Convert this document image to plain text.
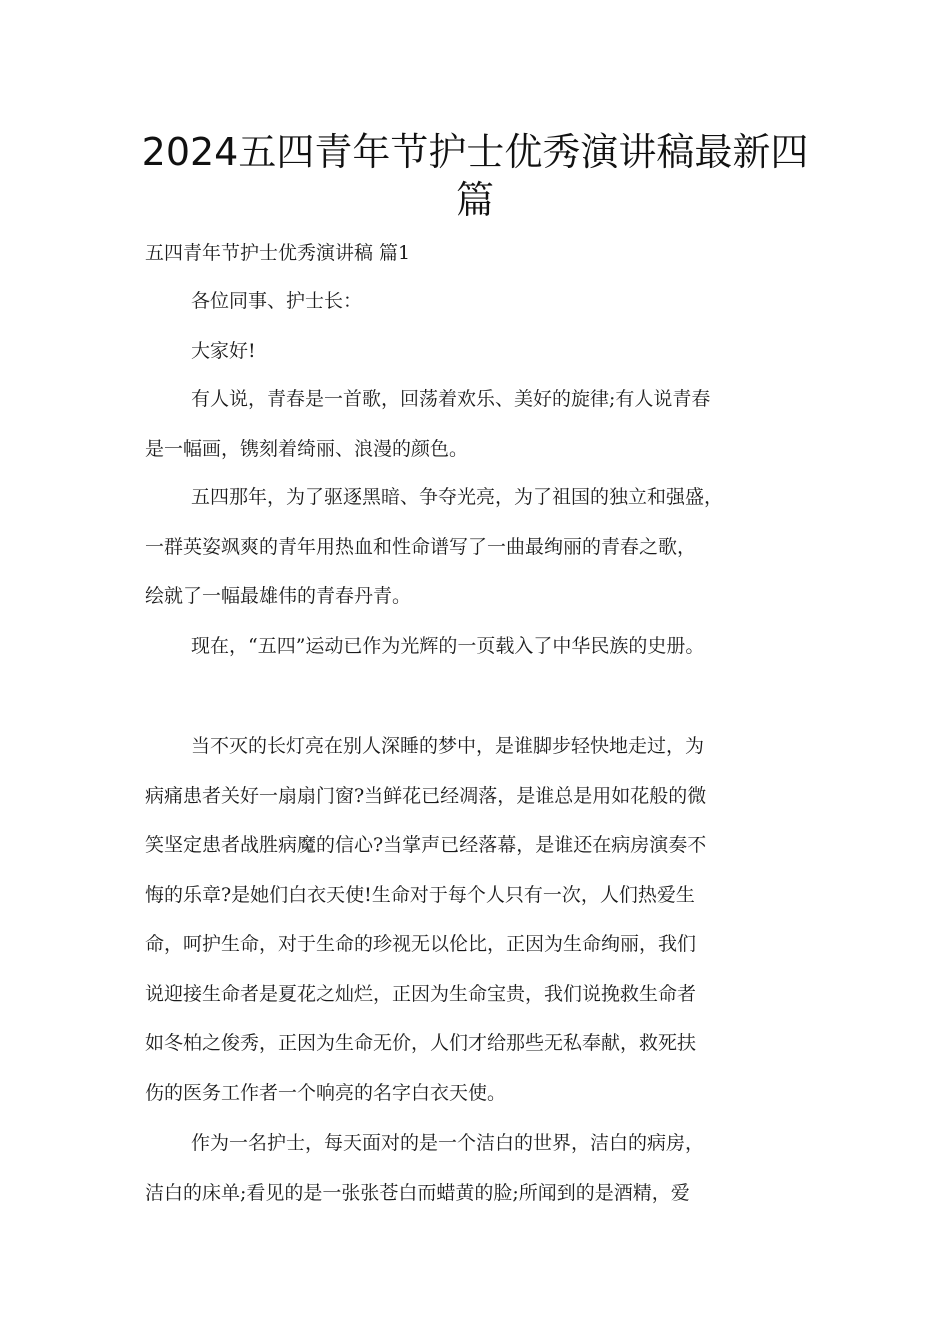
2024五四青年节护士优秀演讲稿最新四
篇
五四青年节护士优秀演讲稿 篇1

各位同事、护士长：

大家好!

有人说，青春是一首歌，回荡着欢乐、美好的旋律;有人说青春
是一幅画，镌刻着绮丽、浪漫的颜色。
五四那年，为了驱逐黑暗、争夺光亮，为了祖国的独立和强盛，
一群英姿飒爽的青年用热血和性命谱写了一曲最绚丽的青春之歌，
绘就了一幅最雄伟的青春丹青。
现在，“五四”运动已作为光辉的一页载入了中华民族的史册。
当不灭的长灯亮在别人深睡的梦中，是谁脚步轻快地走过，为
病痛患者关好一扇扇门窗?当鲜花已经凋落，是谁总是用如花般的微
笑坚定患者战胜病魔的信心?当掌声已经落幕，是谁还在病房演奏不
悔的乐章?是她们白衣天使!生命对于每个人只有一次，人们热爱生
命，呵护生命，对于生命的珍视无以伦比，正因为生命绚丽，我们
说迎接生命者是夏花之灿烂，正因为生命宝贵，我们说挽救生命者
如冬柏之俊秀，正因为生命无价，人们才给那些无私奉献，救死扶
伤的医务工作者一个响亮的名字白衣天使。
作为一名护士，每天面对的是一个洁白的世界，洁白的病房，
洁白的床单;看见的是一张张苍白而蜡黄的脸;所闻到的是酒精，爱
